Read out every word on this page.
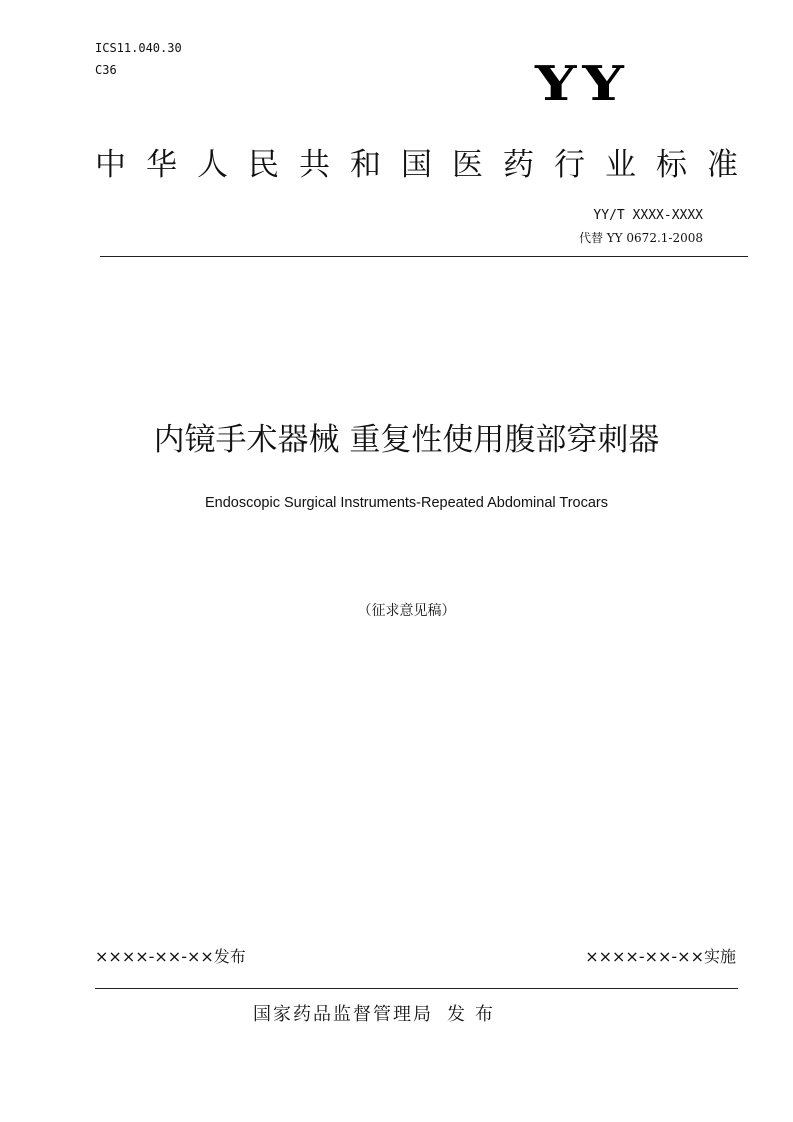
ICS11.040.30
C36	YY
中华人民共和国医药行业标准
YY/T XXXX-XXXX
代替 YY 0672.1-2008
内镜手术器械 重复性使用腹部穿刺器
Endoscopic Surgical Instruments-Repeated Abdominal Trocars
（征求意见稿）
××××-××-××发布	××××-××-××实施
国家药品监督管理局 发布
